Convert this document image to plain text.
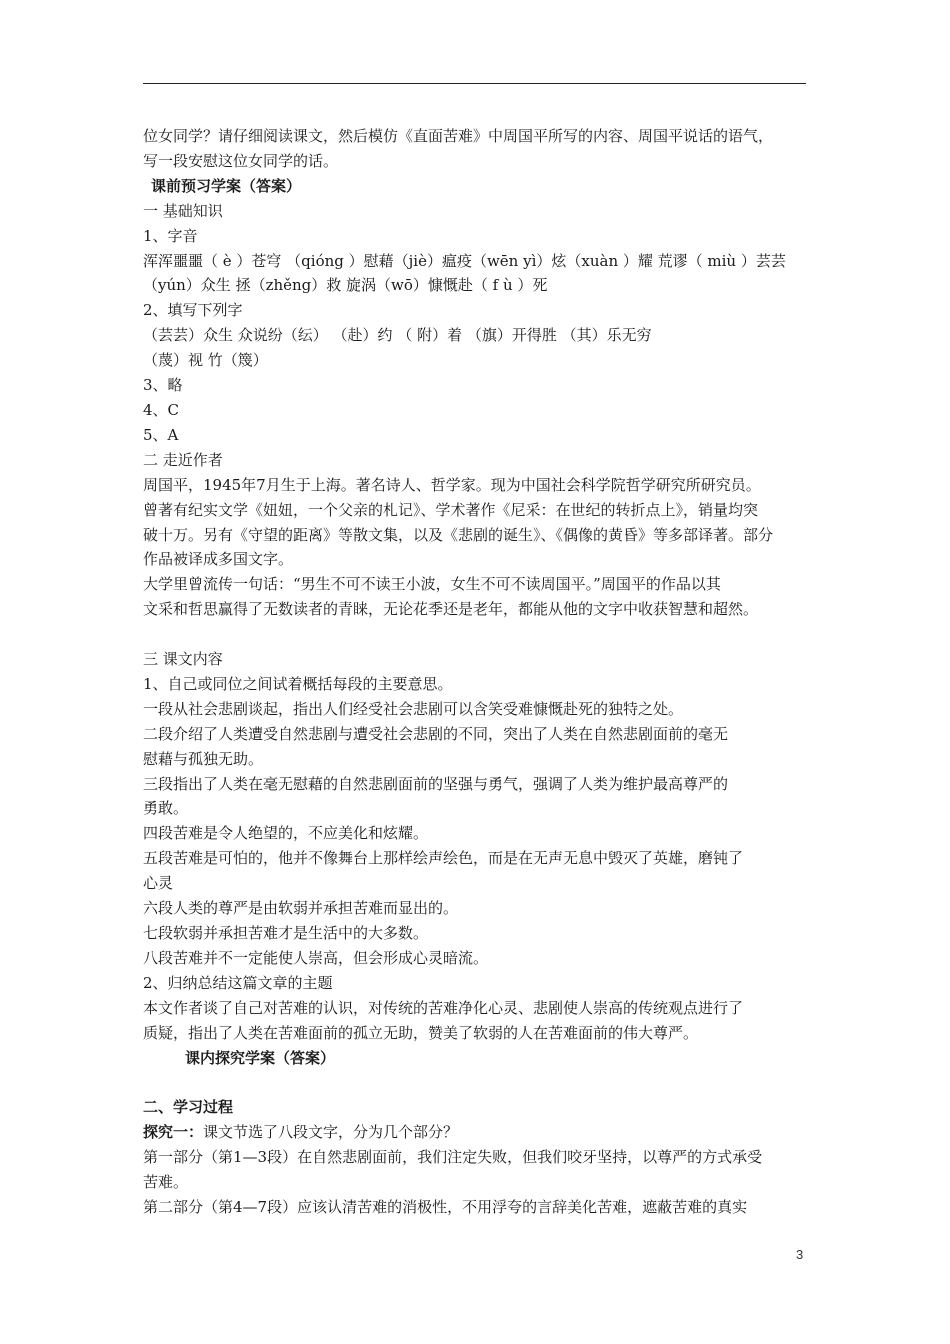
位女同学？请仔细阅读课文，然后模仿《直面苦难》中周国平所写的内容、周国平说话的语气，
写一段安慰这位女同学的话。
课前预习学案（答案）
一 基础知识
1、字音
浑浑噩噩（ è ）苍穹 （qióng ）慰藉（jiè）瘟疫（wēn yì）炫（xuàn ）耀 荒谬（ miù ）芸芸
（yún）众生 拯（zhěng）救 旋涡（wō）慷慨赴（ f ù ）死
2、填写下列字
（芸芸）众生 众说纷（纭） （赴）约 （ 附）着 （旗）开得胜 （其）乐无穷
（蔑）视 竹（篾）
3、略
4、C
5、A
二 走近作者
周国平，1945年7月生于上海。著名诗人、哲学家。现为中国社会科学院哲学研究所研究员。
曾著有纪实文学《妞妞，一个父亲的札记》、学术著作《尼采：在世纪的转折点上》，销量均突
破十万。另有《守望的距离》等散文集，以及《悲剧的诞生》、《偶像的黄昏》等多部译著。部分
作品被译成多国文字。
大学里曾流传一句话：“男生不可不读王小波，女生不可不读周国平。”周国平的作品以其
文采和哲思赢得了无数读者的青睐，无论花季还是老年，都能从他的文字中收获智慧和超然。
三 课文内容
1、自己或同位之间试着概括每段的主要意思。
一段从社会悲剧谈起，指出人们经受社会悲剧可以含笑受难慷慨赴死的独特之处。
二段介绍了人类遭受自然悲剧与遭受社会悲剧的不同，突出了人类在自然悲剧面前的毫无
慰藉与孤独无助。
三段指出了人类在毫无慰藉的自然悲剧面前的坚强与勇气，强调了人类为维护最高尊严的
勇敢。
四段苦难是令人绝望的，不应美化和炫耀。
五段苦难是可怕的，他并不像舞台上那样绘声绘色，而是在无声无息中毁灭了英雄，磨钝了
心灵
六段人类的尊严是由软弱并承担苦难而显出的。
七段软弱并承担苦难才是生活中的大多数。
八段苦难并不一定能使人崇高，但会形成心灵暗流。
2、归纳总结这篇文章的主题
本文作者谈了自己对苦难的认识，对传统的苦难净化心灵、悲剧使人崇高的传统观点进行了
质疑，指出了人类在苦难面前的孤立无助，赞美了软弱的人在苦难面前的伟大尊严。
课内探究学案（答案）
二、学习过程
探究一：课文节选了八段文字，分为几个部分？
第一部分（第1—3段）在自然悲剧面前，我们注定失败，但我们咬牙坚持，以尊严的方式承受
苦难。
第二部分（第4—7段）应该认清苦难的消极性，不用浮夸的言辞美化苦难，遮蔽苦难的真实
3
